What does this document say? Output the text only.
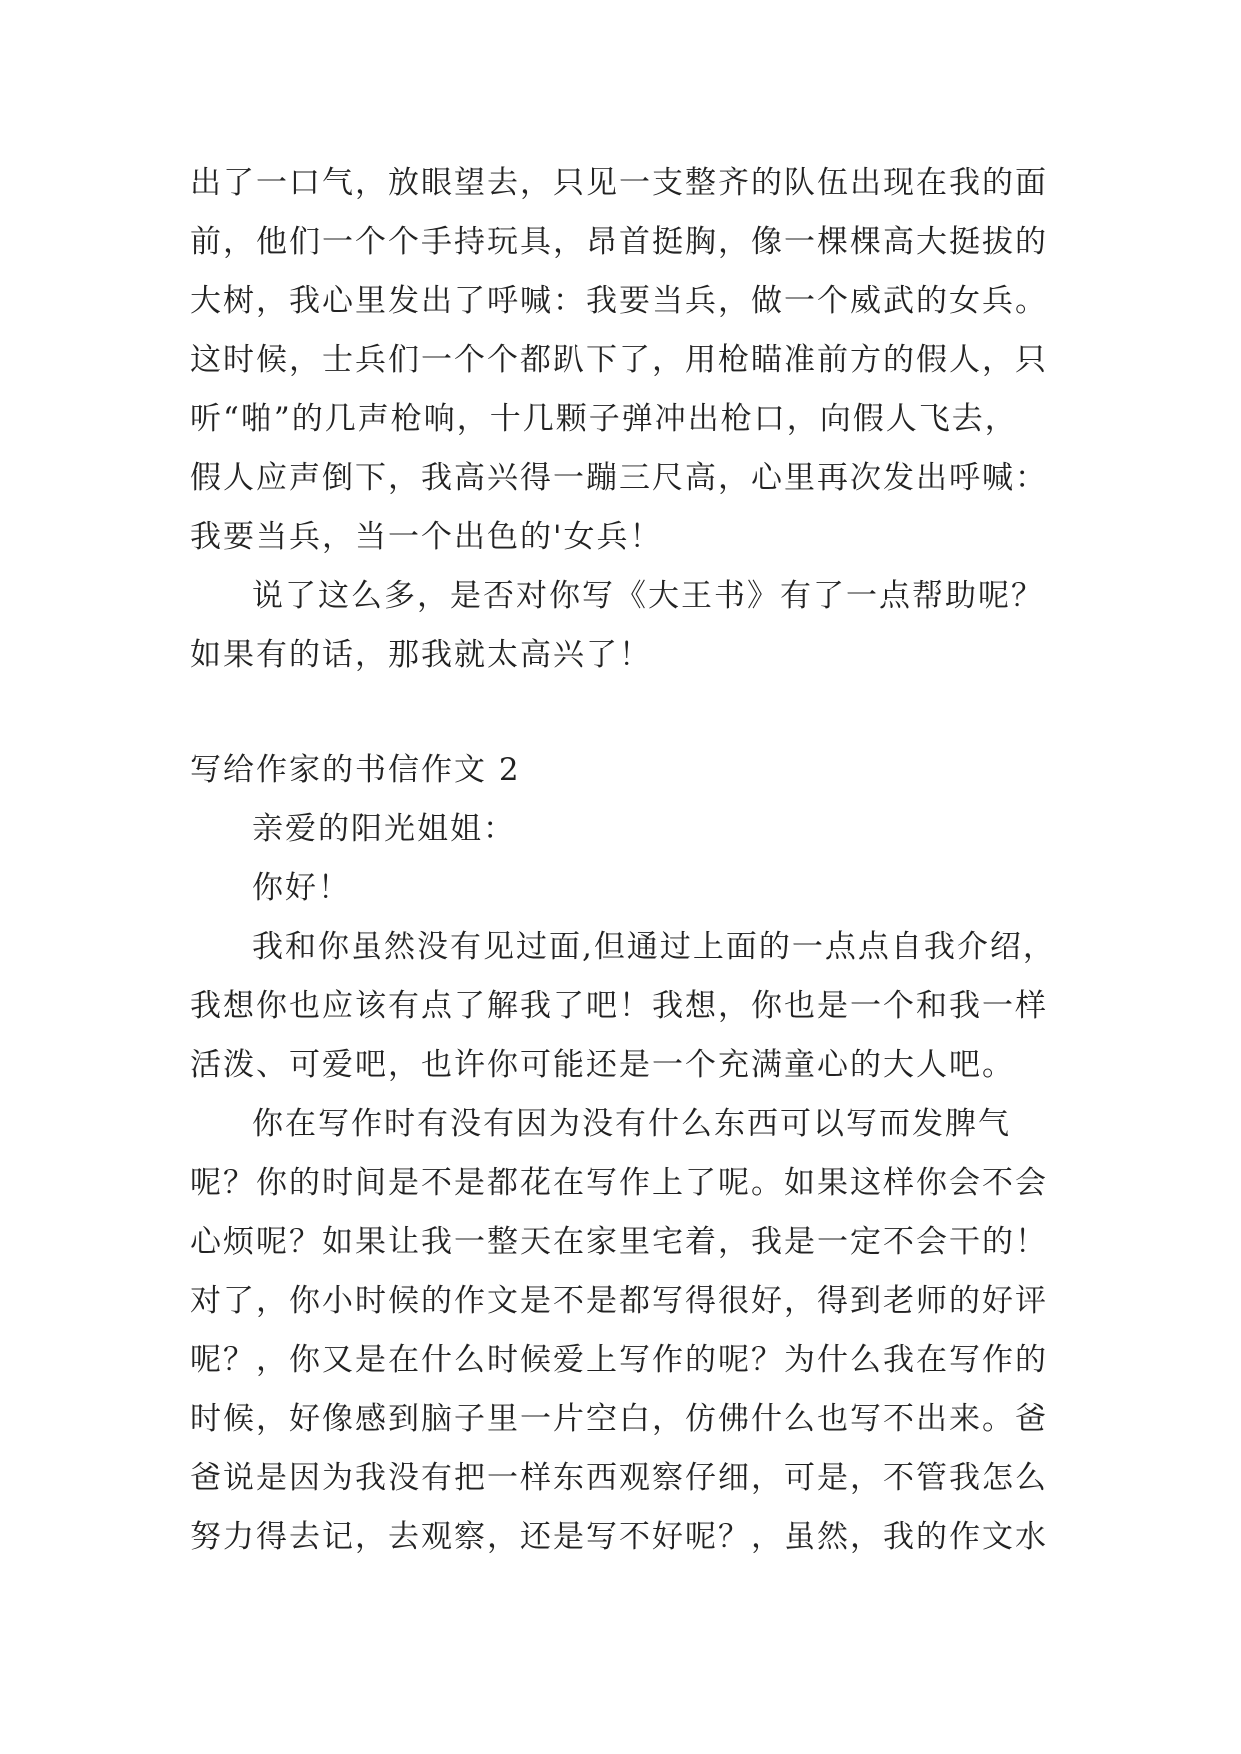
出了一口气，放眼望去，只见一支整齐的队伍出现在我的面
前，他们一个个手持玩具，昂首挺胸，像一棵棵高大挺拔的
大树，我心里发出了呼喊：我要当兵，做一个威武的女兵。
这时候，士兵们一个个都趴下了，用枪瞄准前方的假人，只
听“啪”的几声枪响，十几颗子弹冲出枪口，向假人飞去，
假人应声倒下，我高兴得一蹦三尺高，心里再次发出呼喊：
我要当兵，当一个出色的'女兵！
说了这么多，是否对你写《大王书》有了一点帮助呢？
如果有的话，那我就太高兴了！
写给作家的书信作文 2
亲爱的阳光姐姐：
你好！
我和你虽然没有见过面,但通过上面的一点点自我介绍，
我想你也应该有点了解我了吧！我想，你也是一个和我一样
活泼、可爱吧，也许你可能还是一个充满童心的大人吧。
你在写作时有没有因为没有什么东西可以写而发脾气
呢？你的时间是不是都花在写作上了呢。如果这样你会不会
心烦呢？如果让我一整天在家里宅着，我是一定不会干的！
对了，你小时候的作文是不是都写得很好，得到老师的好评
呢？，你又是在什么时候爱上写作的呢？为什么我在写作的
时候，好像感到脑子里一片空白，仿佛什么也写不出来。爸
爸说是因为我没有把一样东西观察仔细，可是，不管我怎么
努力得去记，去观察，还是写不好呢？，虽然，我的作文水
